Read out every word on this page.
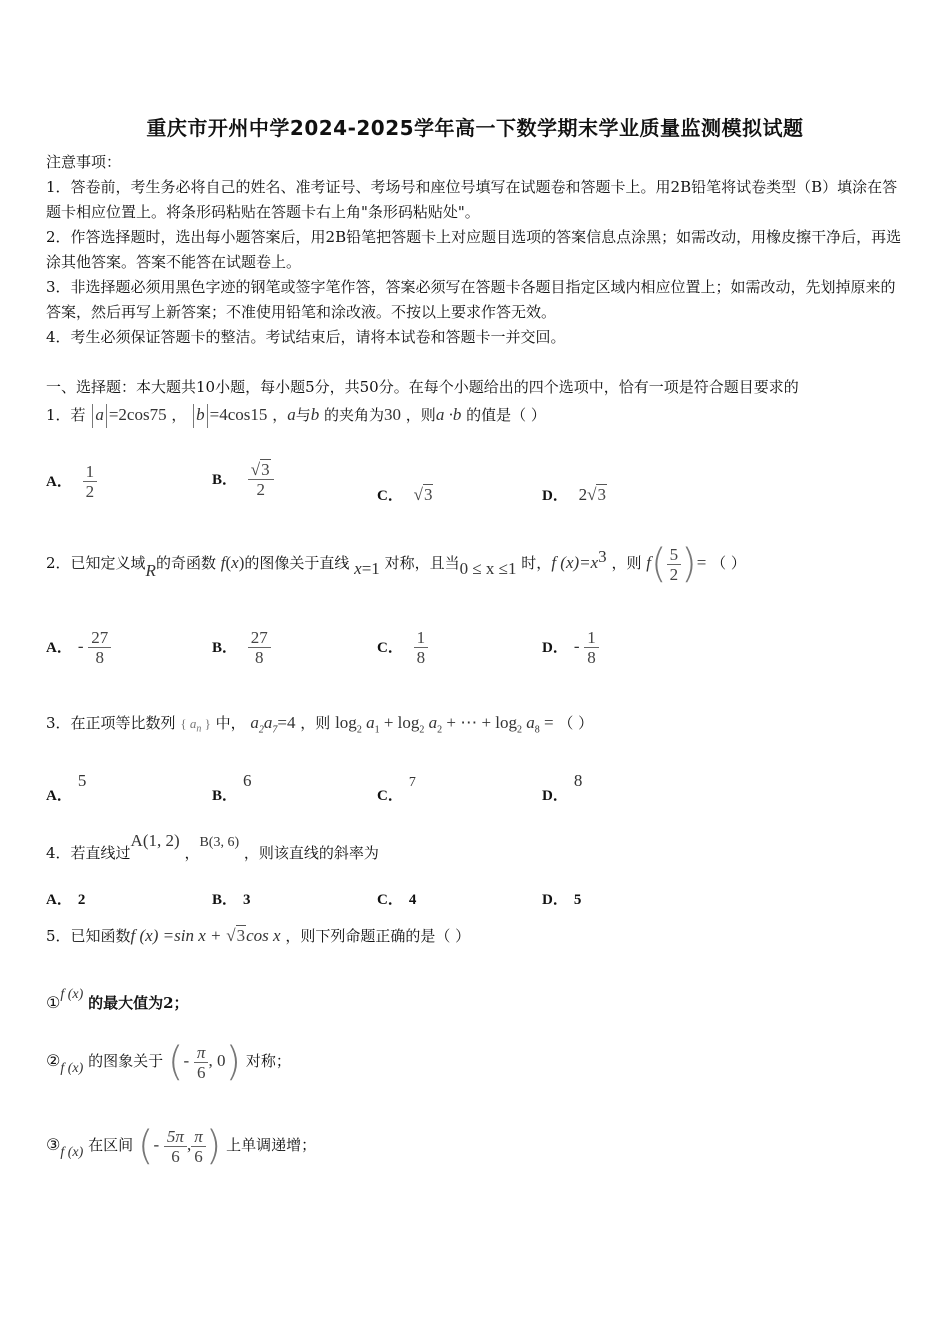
重庆市开州中学2024-2025学年高一下数学期末学业质量监测模拟试题

注意事项：

1．答卷前，考生务必将自己的姓名、准考证号、考场号和座位号填写在试题卷和答题卡上。用2B铅笔将试卷类型（B）填涂在答题卡相应位置上。将条形码粘贴在答题卡右上角"条形码粘贴处"。

2．作答选择题时，选出每小题答案后，用2B铅笔把答题卡上对应题目选项的答案信息点涂黑；如需改动，用橡皮擦干净后，再选涂其他答案。答案不能答在试题卷上。

3．非选择题必须用黑色字迹的钢笔或签字笔作答，答案必须写在答题卡各题目指定区域内相应位置上；如需改动，先划掉原来的答案，然后再写上新答案；不准使用铅笔和涂改液。不按以上要求作答无效。

4．考生必须保证答题卡的整洁。考试结束后，请将本试卷和答题卡一并交回。

一、选择题：本大题共10小题，每小题5分，共50分。在每个小题给出的四个选项中，恰有一项是符合题目要求的
1．若 a =2cos75 ， b =4cos15 ，a与b 的夹角为30 ，则a ·b 的值是（ ）
A． $\frac{1}{2}$	B． $\frac{√3}{2}$	C． √3	D． 2√3
2．已知定义域R的奇函数 f(x)的图像关于直线 x=1 对称，且当0 ≤ x ≤1 时，f $(x)=x^3$ ，则 $f( \frac{5}{2}$ )= （ ）
A． - $\frac{27}{8}$	B． $\frac{27}{8}$	C． $\frac{1}{8}$	D． - $\frac{1}{8}$
3．在正项等比数列 { $a_n$ } 中， $a_2a_7=4$ ，则 $\log_2 a_1 + \log_2 a_2$ + ⋯ + $\log_2 a_8$ = （ ）
A．5
B．6
C．7
D．8
4．若直线过A(1, 2) ，B(3, 6) ，则该直线的斜率为
A． 2	B． 3	C． 4	D． 5
5．已知函数f (x) =sin x + √3cos x ，则下列命题正确的是（ ）
①f (x) 的最大值为2；
②f (x) 的图象关于 (- $\frac{\pi}{6}$ , 0) 对称；
③f (x) 在区间 (- $\frac{5\pi}{6}$ , $\frac{\pi}{6}$ ) 上单调递增；
